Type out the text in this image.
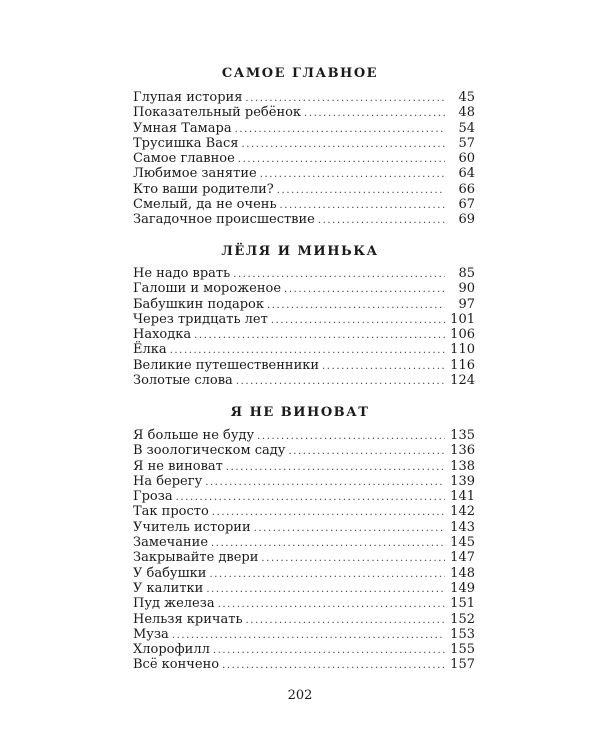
САМОЕ ГЛАВНОЕ
Глупая история .....	45
Показательный ребёнок .....	48
Умная Тамара .....	54
Трусишка Вася .....	57
Самое главное .....	60
Любимое занятие .....	64
Кто ваши родители? .....	66
Смелый, да не очень .....	67
Загадочное происшествие .....	69
ЛЁЛЯ И МИНЬКА
Не надо врать .....	85
Галоши и мороженое .....	90
Бабушкин подарок .....	97
Через тридцать лет .....	101
Находка .....	106
Ёлка .....	110
Великие путешественники .....	116
Золотые слова .....	124
Я НЕ ВИНОВАТ
Я больше не буду .....	135
В зоологическом саду .....	136
Я не виноват .....	138
На берегу .....	139
Гроза .....	141
Так просто .....	142
Учитель истории .....	143
Замечание .....	145
Закрывайте двери .....	147
У бабушки .....	148
У калитки .....	149
Пуд железа .....	151
Нельзя кричать .....	152
Муза .....	153
Хлорофилл .....	155
Всё кончено .....	157
202
